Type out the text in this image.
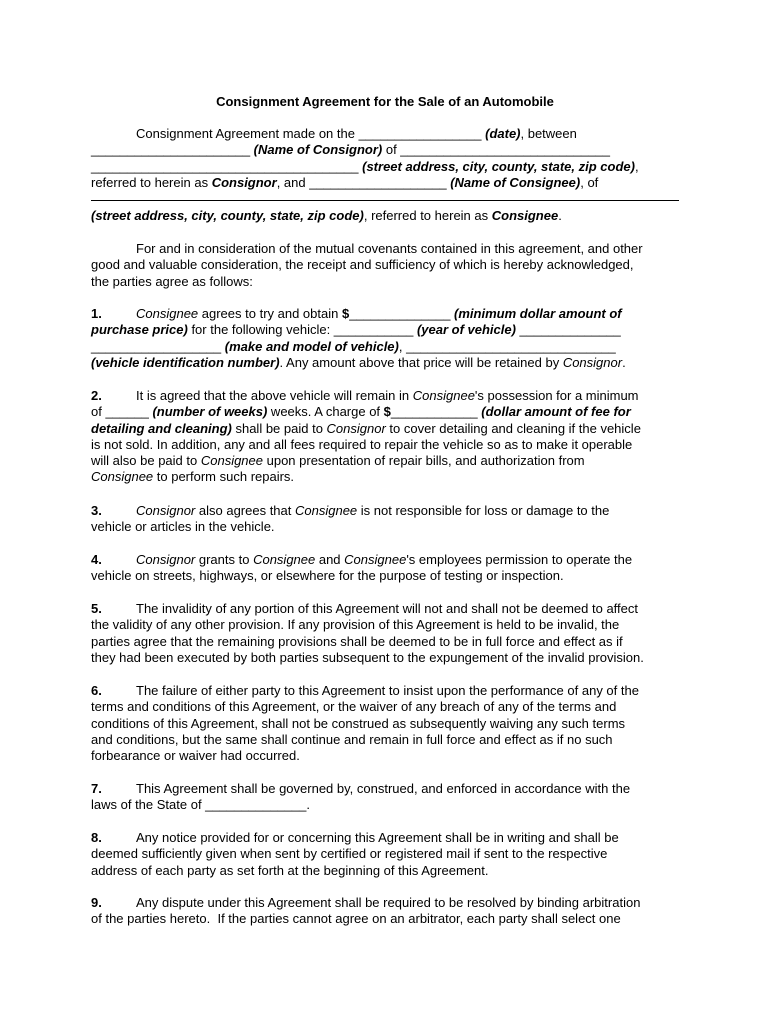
Consignment Agreement for the Sale of an Automobile
Consignment Agreement made on the _________________ (date), between
______________________ (Name of Consignor) of _____________________________
_____________________________________ (street address, city, county, state, zip code),
referred to herein as Consignor, and ___________________ (Name of Consignee), of
(street address, city, county, state, zip code), referred to herein as Consignee.
For and in consideration of the mutual covenants contained in this agreement, and other
good and valuable consideration, the receipt and sufficiency of which is hereby acknowledged,
the parties agree as follows:
1.	Consignee agrees to try and obtain $______________ (minimum dollar amount of
purchase price) for the following vehicle: ___________ (year of vehicle) ______________
__________________ (make and model of vehicle), _____________________________
(vehicle identification number). Any amount above that price will be retained by Consignor.
2.	It is agreed that the above vehicle will remain in Consignee's possession for a minimum
of ______ (number of weeks) weeks. A charge of $____________ (dollar amount of fee for
detailing and cleaning) shall be paid to Consignor to cover detailing and cleaning if the vehicle
is not sold. In addition, any and all fees required to repair the vehicle so as to make it operable
will also be paid to Consignee upon presentation of repair bills, and authorization from
Consignee to perform such repairs.
3.	Consignor also agrees that Consignee is not responsible for loss or damage to the
vehicle or articles in the vehicle.
4.	Consignor grants to Consignee and Consignee's employees permission to operate the
vehicle on streets, highways, or elsewhere for the purpose of testing or inspection.
5.	The invalidity of any portion of this Agreement will not and shall not be deemed to affect
the validity of any other provision. If any provision of this Agreement is held to be invalid, the
parties agree that the remaining provisions shall be deemed to be in full force and effect as if
they had been executed by both parties subsequent to the expungement of the invalid provision.
6.	The failure of either party to this Agreement to insist upon the performance of any of the
terms and conditions of this Agreement, or the waiver of any breach of any of the terms and
conditions of this Agreement, shall not be construed as subsequently waiving any such terms
and conditions, but the same shall continue and remain in full force and effect as if no such
forbearance or waiver had occurred.
7.	This Agreement shall be governed by, construed, and enforced in accordance with the
laws of the State of ______________.
8.	Any notice provided for or concerning this Agreement shall be in writing and shall be
deemed sufficiently given when sent by certified or registered mail if sent to the respective
address of each party as set forth at the beginning of this Agreement.
9.	Any dispute under this Agreement shall be required to be resolved by binding arbitration
of the parties hereto.  If the parties cannot agree on an arbitrator, each party shall select one
